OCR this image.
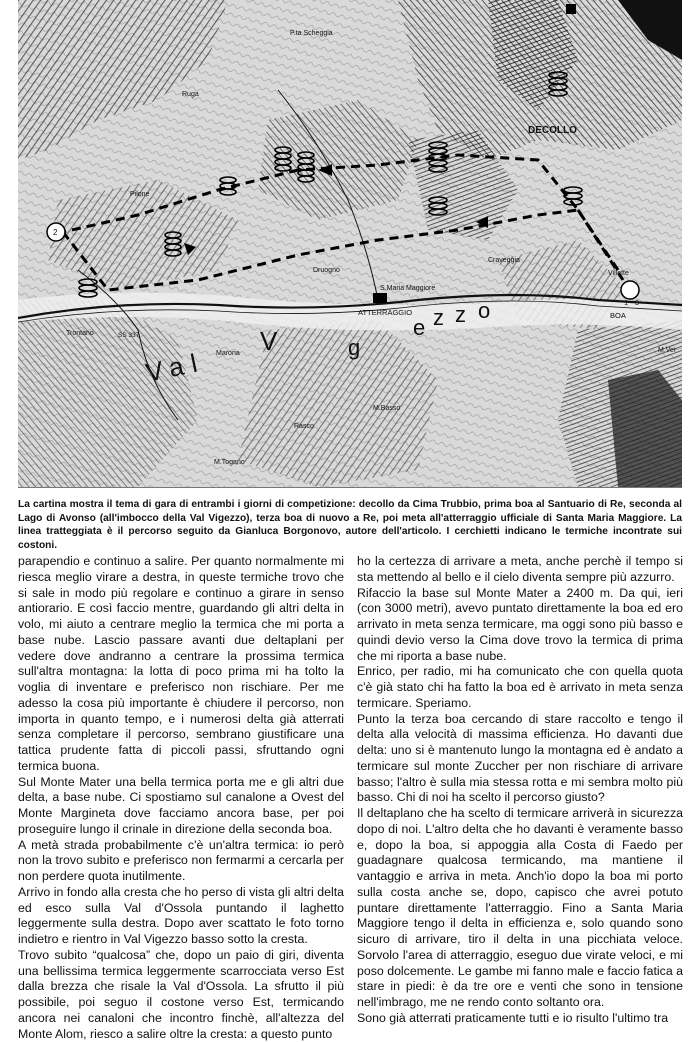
DECOLLO
ATTERRAGGIO
1 - 3
2
BOA
Val
V	g
e z z o
S.Maria Maggiore
Druogno
Craveggia
Villette
Trontano
M.Basso
M.Togano
P.ta Scheggia
Pilone
Rasco
Marona
Ruga
M.Ver
SS 337

La cartina mostra il tema di gara di entrambi i giorni di competizione: decollo da Cima Trubbio, prima boa al Santuario di Re, seconda al Lago di Avonso (all'imbocco della Val Vigezzo), terza boa di nuovo a Re, poi meta all'atterraggio ufficiale di Santa Maria Maggiore. La linea tratteggiata è il percorso seguito da Gianluca Borgonovo, autore dell'articolo. I cerchietti indicano le termiche incontrate sui costoni.

parapendio e continuo a salire. Per quanto normalmente mi riesca meglio virare a destra, in queste termiche trovo che si sale in modo più regolare e continuo a girare in senso antiorario. E così faccio mentre, guardando gli altri delta in volo, mi aiuto a centrare meglio la termica che mi porta a base nube. Lascio passare avanti due deltaplani per vedere dove andranno a centrare la prossima termica sull'altra montagna: la lotta di poco prima mi ha tolto la voglia di inventare e preferisco non rischiare. Per me adesso la cosa più importante è chiudere il percorso, non importa in quanto tempo, e i numerosi delta già atterrati senza completare il percorso, sembrano giustificare una tattica prudente fatta di piccoli passi, sfruttando ogni termica buona.

Sul Monte Mater una bella termica porta me e gli altri due delta, a base nube. Ci spostiamo sul canalone a Ovest del Monte Margineta dove facciamo ancora base, per poi proseguire lungo il crinale in direzione della seconda boa.

A metà strada probabilmente c'è un'altra termica: io però non la trovo subito e preferisco non fermarmi a cercarla per non perdere quota inutilmente.

Arrivo in fondo alla cresta che ho perso di vista gli altri delta ed esco sulla Val d'Ossola puntando il laghetto leggermente sulla destra. Dopo aver scattato le foto torno indietro e rientro in Val Vigezzo basso sotto la cresta.

Trovo subito “qualcosa” che, dopo un paio di giri, diventa una bellissima termica leggermente scarrocciata verso Est dalla brezza che risale la Val d'Ossola. La sfrutto il più possibile, poi seguo il costone verso Est, termicando ancora nei canaloni che incontro finchè, all'altezza del Monte Alom, riesco a salire oltre la cresta: a questo punto

ho la certezza di arrivare a meta, anche perchè il tempo si sta mettendo al bello e il cielo diventa sempre più azzurro.

Rifaccio la base sul Monte Mater a 2400 m. Da qui, ieri (con 3000 metri), avevo puntato direttamente la boa ed ero arrivato in meta senza termicare, ma oggi sono più basso e quindi devio verso la Cima dove trovo la termica di prima che mi riporta a base nube.

Enrico, per radio, mi ha comunicato che con quella quota c'è già stato chi ha fatto la boa ed è arrivato in meta senza termicare. Speriamo.

Punto la terza boa cercando di stare raccolto e tengo il delta alla velocità di massima efficienza. Ho davanti due delta: uno si è mantenuto lungo la montagna ed è andato a termicare sul monte Zuccher per non rischiare di arrivare basso; l'altro è sulla mia stessa rotta e mi sembra molto più basso. Chi di noi ha scelto il percorso giusto?

Il deltaplano che ha scelto di termicare arriverà in sicurezza dopo di noi. L'altro delta che ho davanti è veramente basso e, dopo la boa, si appoggia alla Costa di Faedo per guadagnare qualcosa termicando, ma mantiene il vantaggio e arriva in meta. Anch'io dopo la boa mi porto sulla costa anche se, dopo, capisco che avrei potuto puntare direttamente l'atterraggio. Fino a Santa Maria Maggiore tengo il delta in efficienza e, solo quando sono sicuro di arrivare, tiro il delta in una picchiata veloce. Sorvolo l'area di atterraggio, eseguo due virate veloci, e mi poso dolcemente. Le gambe mi fanno male e faccio fatica a stare in piedi: è da tre ore e venti che sono in tensione nell'imbrago, me ne rendo conto soltanto ora.

Sono già atterrati praticamente tutti e io risulto l'ultimo tra
